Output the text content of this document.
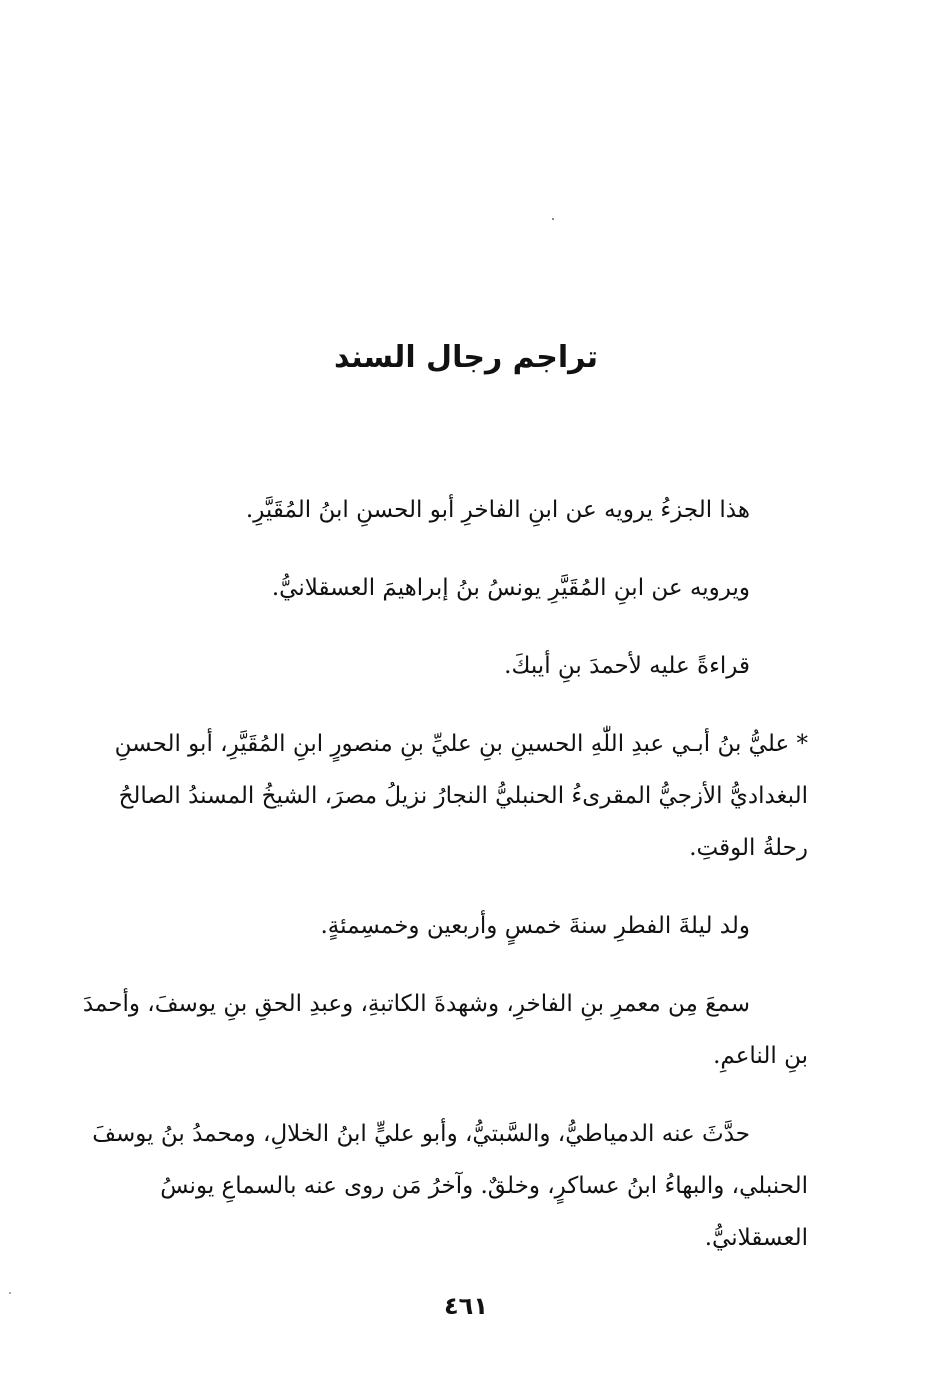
تراجم رجال السند

هذا الجزءُ يرويه عن ابنِ الفاخرِ أبو الحسنِ ابنُ المُقَيَّرِ.

ويرويه عن ابنِ المُقَيَّرِ يونسُ بنُ إبراهيمَ العسقلانيُّ.

قراءةً عليه لأحمدَ بنِ أيبكَ.

* عليُّ بنُ أبـي عبدِ اللّٰهِ الحسينِ بنِ عليِّ بنِ منصورٍ ابنِ المُقَيَّرِ، أبو الحسنِ البغداديُّ الأزجيُّ المقرىءُ الحنبليُّ النجارُ نزيلُ مصرَ، الشيخُ المسندُ الصالحُ رحلةُ الوقتِ.

ولد ليلةَ الفطرِ سنةَ خمسٍ وأربعين وخمسِمئةٍ.

سمعَ مِن معمرِ بنِ الفاخرِ، وشهدةَ الكاتبةِ، وعبدِ الحقِ بنِ يوسفَ، وأحمدَ بنِ الناعمِ.

حدَّثَ عنه الدمياطيُّ، والسَّبتيُّ، وأبو عليٍّ ابنُ الخلالِ، ومحمدُ بنُ يوسفَ الحنبلي، والبهاءُ ابنُ عساكرٍ، وخلقٌ. وآخرُ مَن روى عنه بالسماعِ يونسُ العسقلانيُّ.

٤٦١
